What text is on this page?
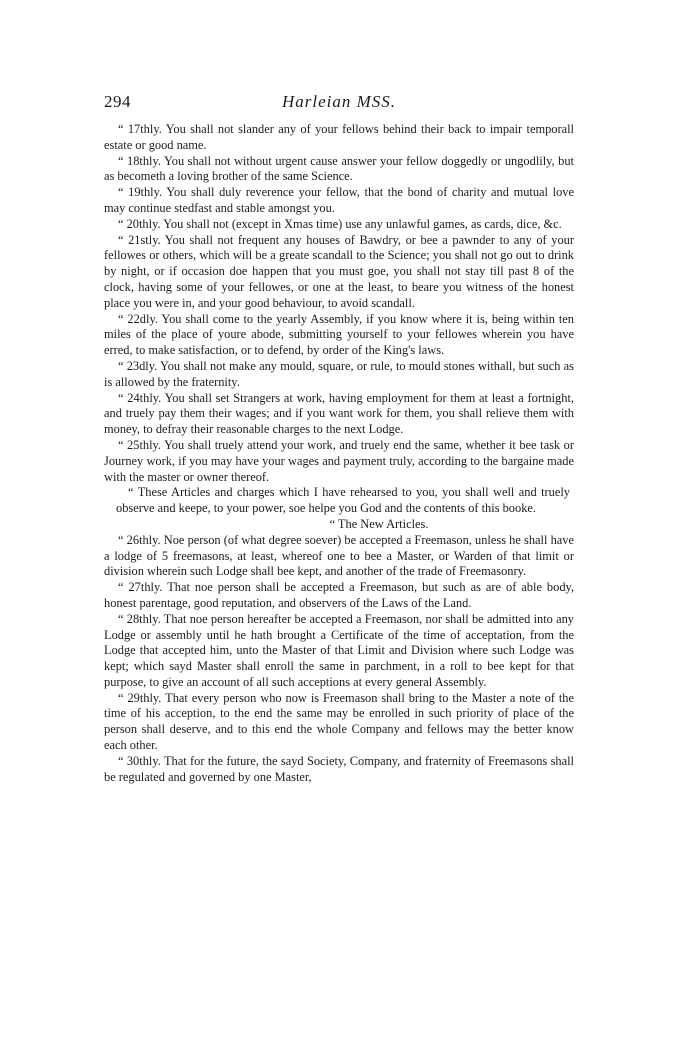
294	Harleian MSS.

“ 17thly. You shall not slander any of your fellows behind their back to impair temporall estate or good name.

“ 18thly. You shall not without urgent cause answer your fellow doggedly or ungodlily, but as becometh a loving brother of the same Science.

“ 19thly. You shall duly reverence your fellow, that the bond of charity and mutual love may continue stedfast and stable amongst you.

“ 20thly. You shall not (except in Xmas time) use any unlawful games, as cards, dice, &c.

“ 21stly. You shall not frequent any houses of Bawdry, or bee a pawnder to any of your fellowes or others, which will be a greate scandall to the Science; you shall not go out to drink by night, or if occasion doe happen that you must goe, you shall not stay till past 8 of the clock, having some of your fellowes, or one at the least, to beare you witness of the honest place you were in, and your good behaviour, to avoid scandall.

“ 22dly. You shall come to the yearly Assembly, if you know where it is, being within ten miles of the place of youre abode, submitting yourself to your fellowes wherein you have erred, to make satisfaction, or to defend, by order of the King's laws.

“ 23dly. You shall not make any mould, square, or rule, to mould stones withall, but such as is allowed by the fraternity.

“ 24thly. You shall set Strangers at work, having employment for them at least a fortnight, and truely pay them their wages; and if you want work for them, you shall relieve them with money, to defray their reasonable charges to the next Lodge.

“ 25thly. You shall truely attend your work, and truely end the same, whether it bee task or Journey work, if you may have your wages and payment truly, according to the bargaine made with the master or owner thereof.

“ These Articles and charges which I have rehearsed to you, you shall well and truely observe and keepe, to your power, soe helpe you God and the contents of this booke.

“ The New Articles.

“ 26thly. Noe person (of what degree soever) be accepted a Freemason, unless he shall have a lodge of 5 freemasons, at least, whereof one to bee a Master, or Warden of that limit or division wherein such Lodge shall bee kept, and another of the trade of Freemasonry.

“ 27thly. That noe person shall be accepted a Freemason, but such as are of able body, honest parentage, good reputation, and observers of the Laws of the Land.

“ 28thly. That noe person hereafter be accepted a Freemason, nor shall be admitted into any Lodge or assembly until he hath brought a Certificate of the time of acceptation, from the Lodge that accepted him, unto the Master of that Limit and Division where such Lodge was kept; which sayd Master shall enroll the same in parchment, in a roll to bee kept for that purpose, to give an account of all such acceptions at every general Assembly.

“ 29thly. That every person who now is Freemason shall bring to the Master a note of the time of his acception, to the end the same may be enrolled in such priority of place of the person shall deserve, and to this end the whole Company and fellows may the better know each other.

“ 30thly. That for the future, the sayd Society, Company, and fraternity of Freemasons shall be regulated and governed by one Master,
